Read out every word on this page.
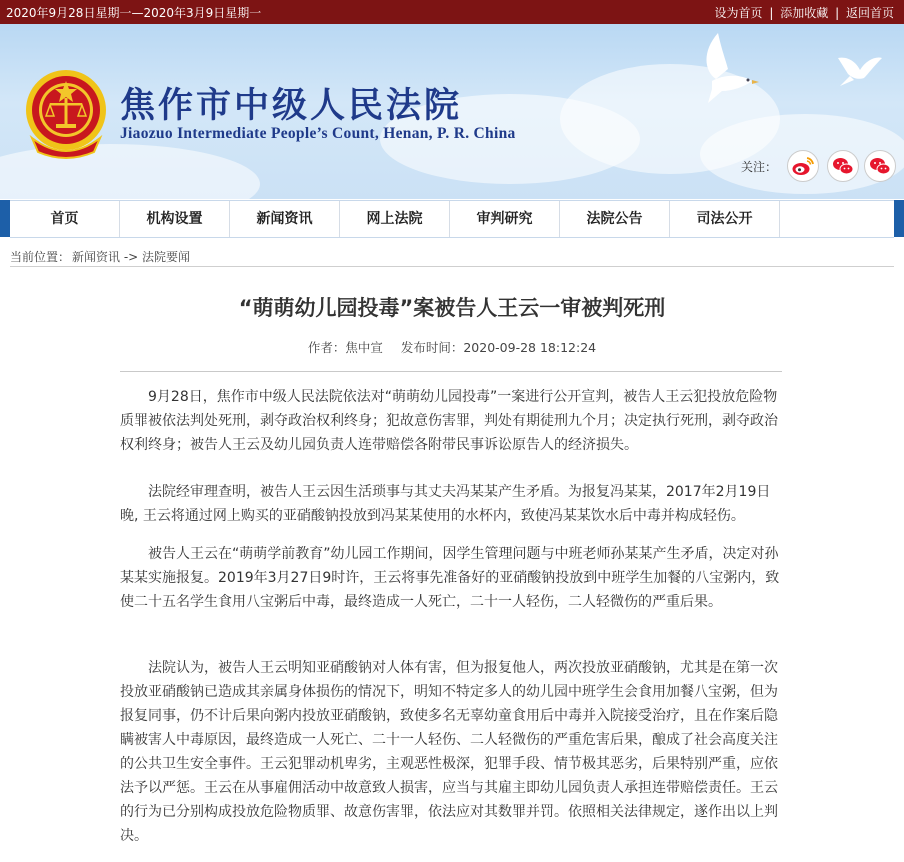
2020年9月28日星期一—2020年3月9日星期一	设为首页 | 添加收藏 | 返回首页
焦作市中级人民法院
Jiaozuo Intermediate People’s Count, Henan, P. R. China
关注：
首页	机构设置	新闻资讯	网上法院	审判研究	法院公告	司法公开
当前位置： 新闻资讯 -> 法院要闻
“萌萌幼儿园投毒”案被告人王云一审被判死刑
作者：焦中宣 发布时间：2020-09-28 18:12:24

9月28日，焦作市中级人民法院依法对“萌萌幼儿园投毒”一案进行公开宣判，被告人王云犯投放危险物质罪被依法判处死刑，剥夺政治权利终身；犯故意伤害罪，判处有期徒刑九个月；决定执行死刑，剥夺政治权利终身；被告人王云及幼儿园负责人连带赔偿各附带民事诉讼原告人的经济损失。

法院经审理查明，被告人王云因生活琐事与其丈夫冯某某产生矛盾。为报复冯某某，2017年2月19日晚, 王云将通过网上购买的亚硝酸钠投放到冯某某使用的水杯内，致使冯某某饮水后中毒并构成轻伤。

被告人王云在“萌萌学前教育”幼儿园工作期间，因学生管理问题与中班老师孙某某产生矛盾，决定对孙某某实施报复。2019年3月27日9时许，王云将事先准备好的亚硝酸钠投放到中班学生加餐的八宝粥内，致使二十五名学生食用八宝粥后中毒，最终造成一人死亡，二十一人轻伤，二人轻微伤的严重后果。

法院认为，被告人王云明知亚硝酸钠对人体有害，但为报复他人，两次投放亚硝酸钠，尤其是在第一次投放亚硝酸钠已造成其亲属身体损伤的情况下，明知不特定多人的幼儿园中班学生会食用加餐八宝粥，但为报复同事，仍不计后果向粥内投放亚硝酸钠，致使多名无辜幼童食用后中毒并入院接受治疗，且在作案后隐瞒被害人中毒原因，最终造成一人死亡、二十一人轻伤、二人轻微伤的严重危害后果，酿成了社会高度关注的公共卫生安全事件。王云犯罪动机卑劣，主观恶性极深，犯罪手段、情节极其恶劣，后果特别严重，应依法予以严惩。王云在从事雇佣活动中故意致人损害，应当与其雇主即幼儿园负责人承担连带赔偿责任。王云的行为已分别构成投放危险物质罪、故意伤害罪，依法应对其数罪并罚。依照相关法律规定，遂作出以上判决。
